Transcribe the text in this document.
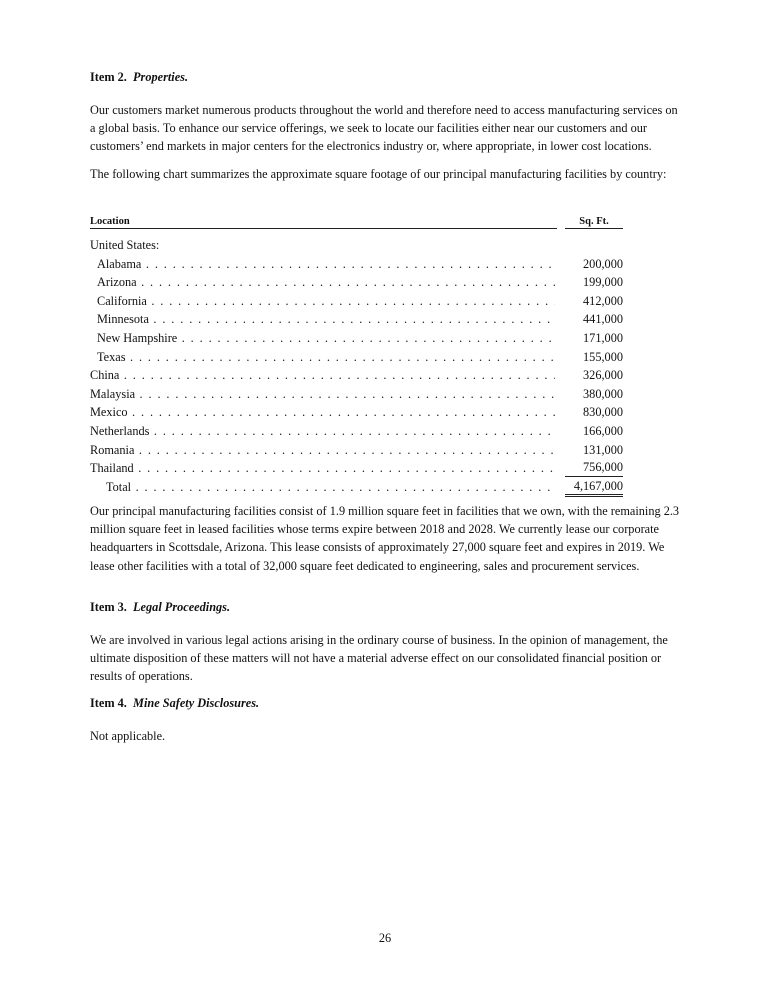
Item 2. Properties.
Our customers market numerous products throughout the world and therefore need to access manufacturing services on a global basis. To enhance our service offerings, we seek to locate our facilities either near our customers and our customers’ end markets in major centers for the electronics industry or, where appropriate, in lower cost locations.
The following chart summarizes the approximate square footage of our principal manufacturing facilities by country:
Location	Sq. Ft.
United States:
Alabama . . .	200,000
Arizona . . .	199,000
California . . .	412,000
Minnesota . . .	441,000
New Hampshire . . .	171,000
Texas . . .	155,000
China . . .	326,000
Malaysia . . .	380,000
Mexico . . .	830,000
Netherlands . . .	166,000
Romania . . .	131,000
Thailand . . .	756,000
Total . . .	4,167,000
Our principal manufacturing facilities consist of 1.9 million square feet in facilities that we own, with the remaining 2.3 million square feet in leased facilities whose terms expire between 2018 and 2028. We currently lease our corporate headquarters in Scottsdale, Arizona. This lease consists of approximately 27,000 square feet and expires in 2019. We lease other facilities with a total of 32,000 square feet dedicated to engineering, sales and procurement services.
Item 3. Legal Proceedings.
We are involved in various legal actions arising in the ordinary course of business. In the opinion of management, the ultimate disposition of these matters will not have a material adverse effect on our consolidated financial position or results of operations.
Item 4. Mine Safety Disclosures.
Not applicable.
26
